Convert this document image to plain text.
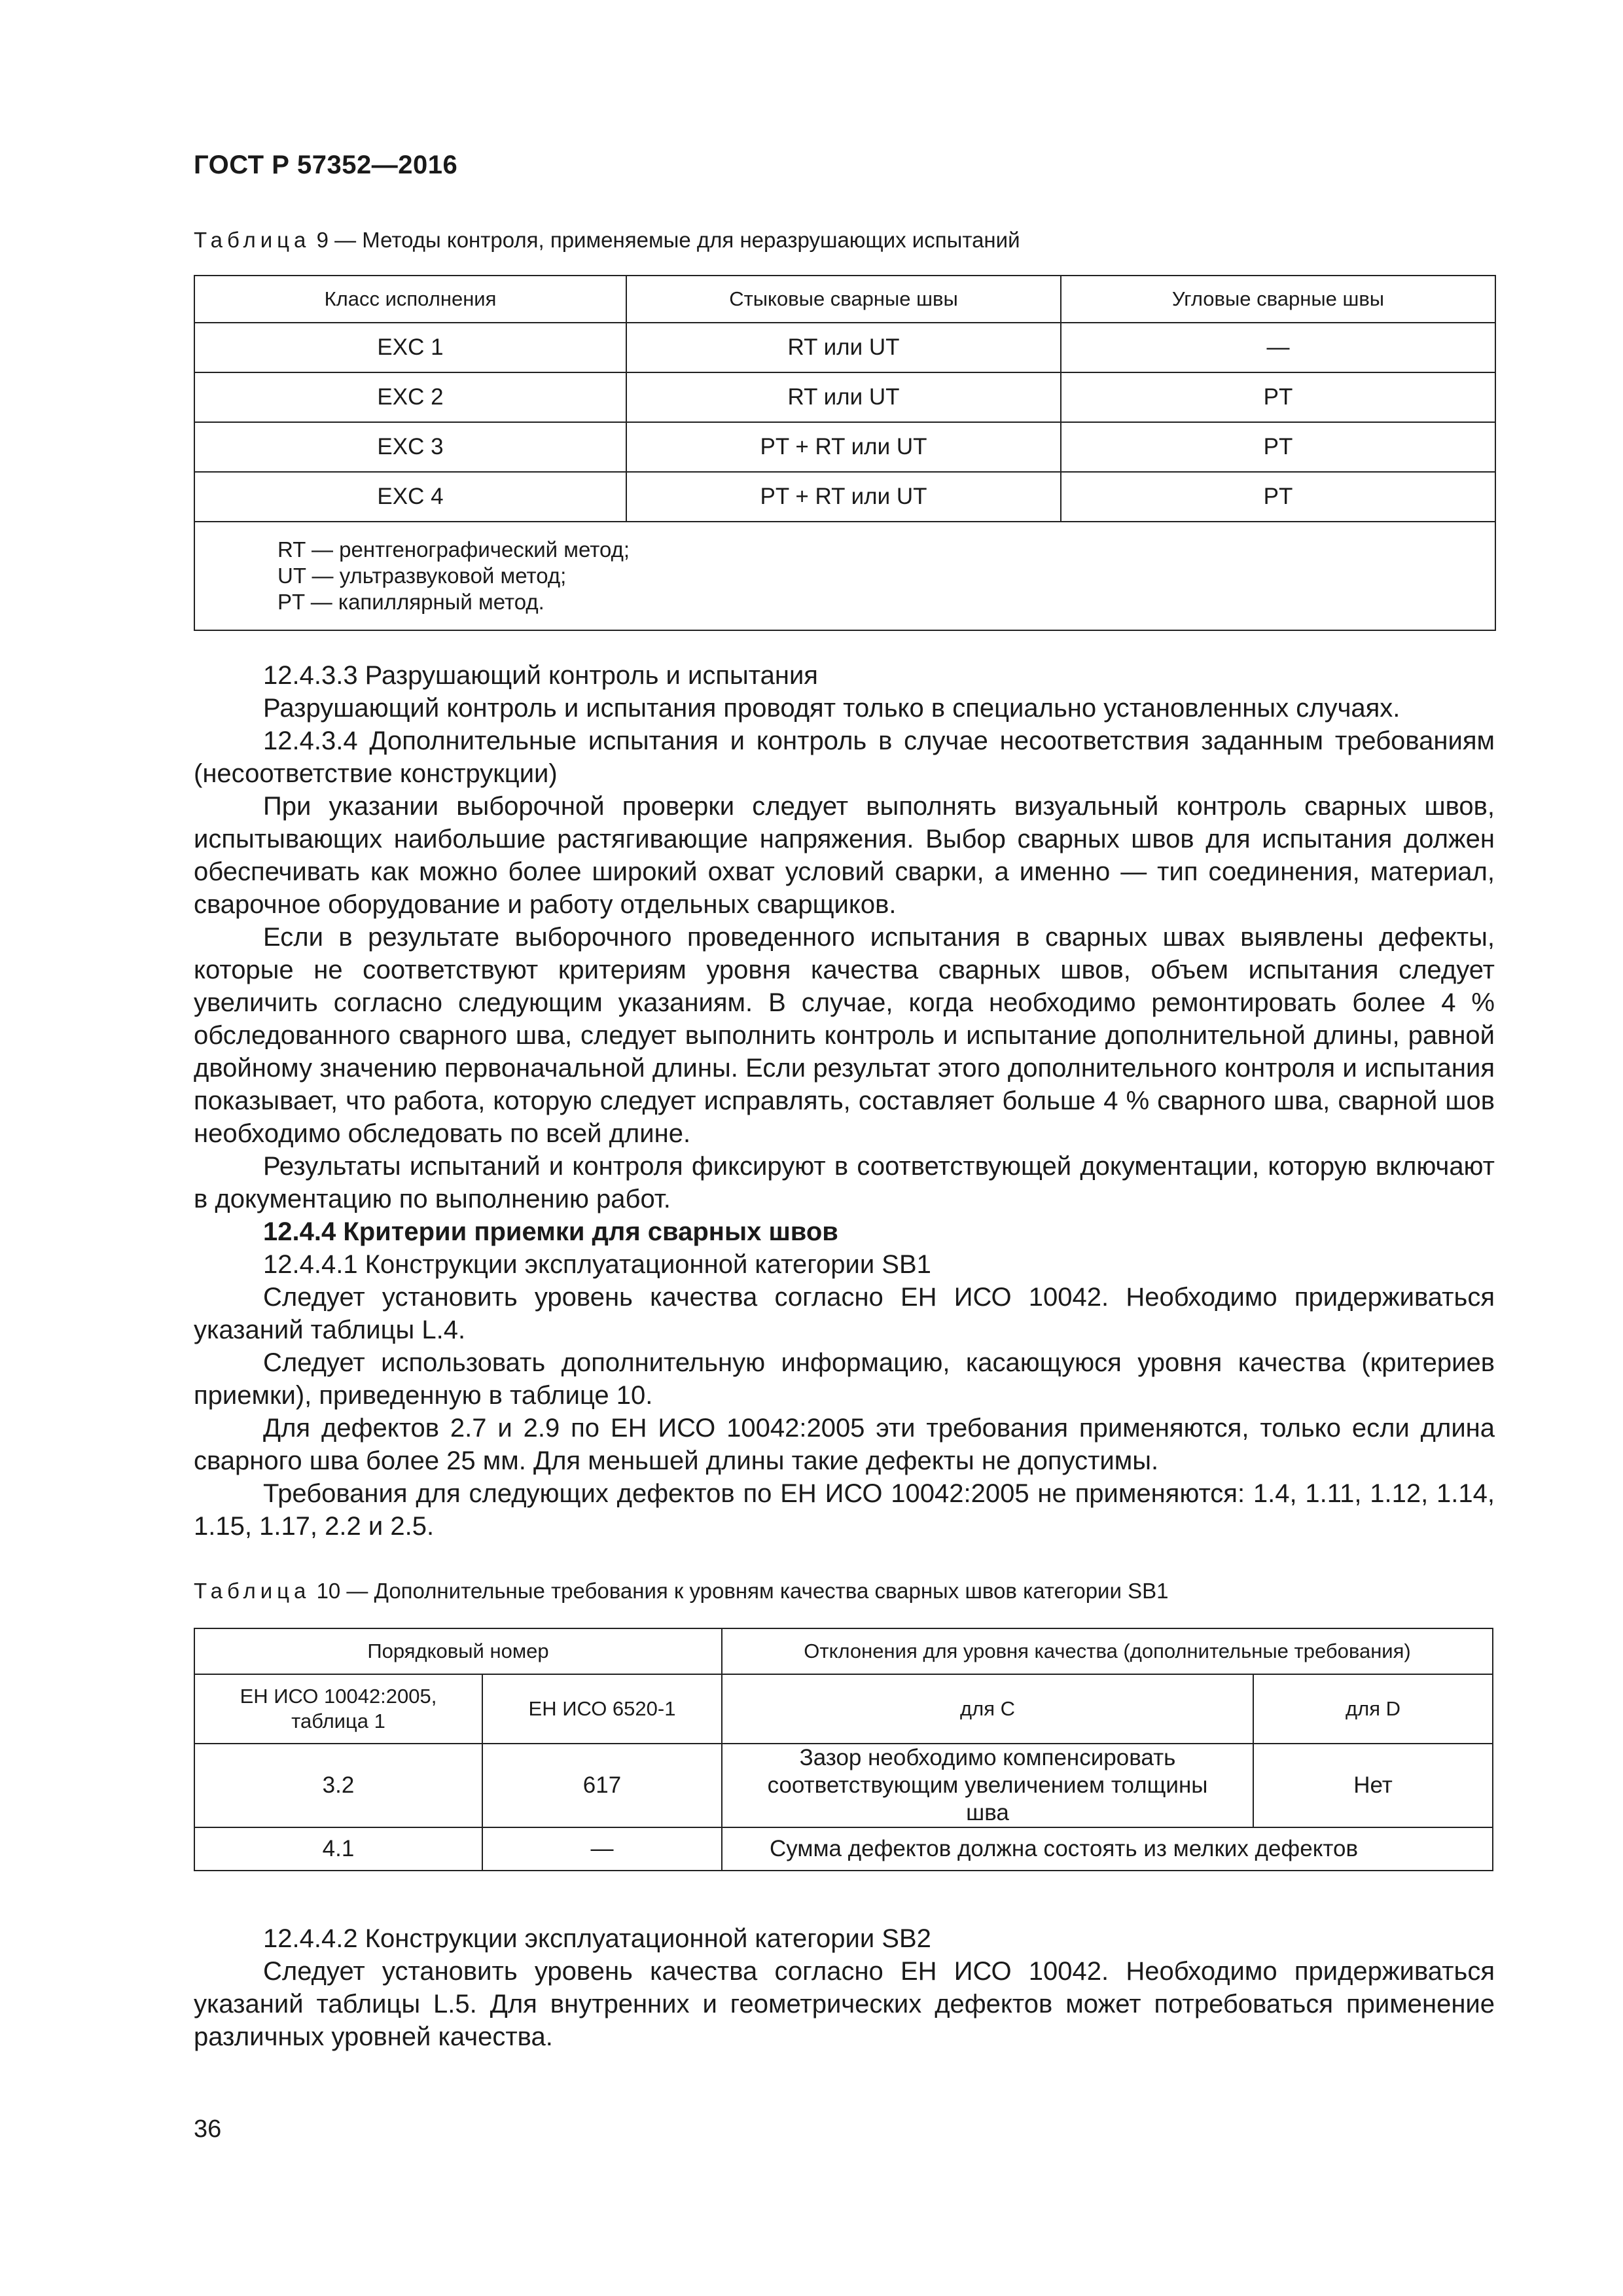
ГОСТ Р 57352—2016
Таблица 9 — Методы контроля, применяемые для неразрушающих испытаний
Класс исполнения	Стыковые сварные швы	Угловые сварные швы
EXC 1	RT или UT	—
EXC 2	RT или UT	PT
EXC 3	PT + RT или UT	PT
EXC 4	PT + RT или UT	PT

RT — рентгенографический метод;
UT — ультразвуковой метод;
PT — капиллярный метод.		

12.4.3.3 Разрушающий контроль и испытания

Разрушающий контроль и испытания проводят только в специально установленных случаях.

12.4.3.4 Дополнительные испытания и контроль в случае несоответствия заданным требованиям (несоответствие конструкции)

При указании выборочной проверки следует выполнять визуальный контроль сварных швов, испытывающих наибольшие растягивающие напряжения. Выбор сварных швов для испытания должен обеспечивать как можно более широкий охват условий сварки, а именно — тип соединения, материал, сварочное оборудование и работу отдельных сварщиков.

Если в результате выборочного проведенного испытания в сварных швах выявлены дефекты, которые не соответствуют критериям уровня качества сварных швов, объем испытания следует увеличить согласно следующим указаниям. В случае, когда необходимо ремонтировать более 4 % обследованного сварного шва, следует выполнить контроль и испытание дополнительной длины, равной двойному значению первоначальной длины. Если результат этого дополнительного контроля и испытания показывает, что работа, которую следует исправлять, составляет больше 4 % сварного шва, сварной шов необходимо обследовать по всей длине.

Результаты испытаний и контроля фиксируют в соответствующей документации, которую включают в документацию по выполнению работ.

12.4.4 Критерии приемки для сварных швов

12.4.4.1 Конструкции эксплуатационной категории SB1

Следует установить уровень качества согласно ЕН ИСО 10042. Необходимо придерживаться указаний таблицы L.4.

Следует использовать дополнительную информацию, касающуюся уровня качества (критериев приемки), приведенную в таблице 10.

Для дефектов 2.7 и 2.9 по ЕН ИСО 10042:2005 эти требования применяются, только если длина сварного шва более 25 мм. Для меньшей длины такие дефекты не допустимы.

Требования для следующих дефектов по ЕН ИСО 10042:2005 не применяются: 1.4, 1.11, 1.12, 1.14, 1.15, 1.17, 2.2 и 2.5.

Таблица 10 — Дополнительные требования к уровням качества сварных швов категории SB1
Порядковый номер		Отклонения для уровня качества (дополнительные требования)	
ЕН ИСО 10042:2005, таблица 1	ЕН ИСО 6520-1	для С	для D
3.2	617	Зазор необходимо компенсировать соответствующим увеличением толщины шва	Нет
4.1	—	Сумма дефектов должна состоять из мелких дефектов	

12.4.4.2 Конструкции эксплуатационной категории SB2

Следует установить уровень качества согласно ЕН ИСО 10042. Необходимо придерживаться указаний таблицы L.5. Для внутренних и геометрических дефектов может потребоваться применение различных уровней качества.

36
